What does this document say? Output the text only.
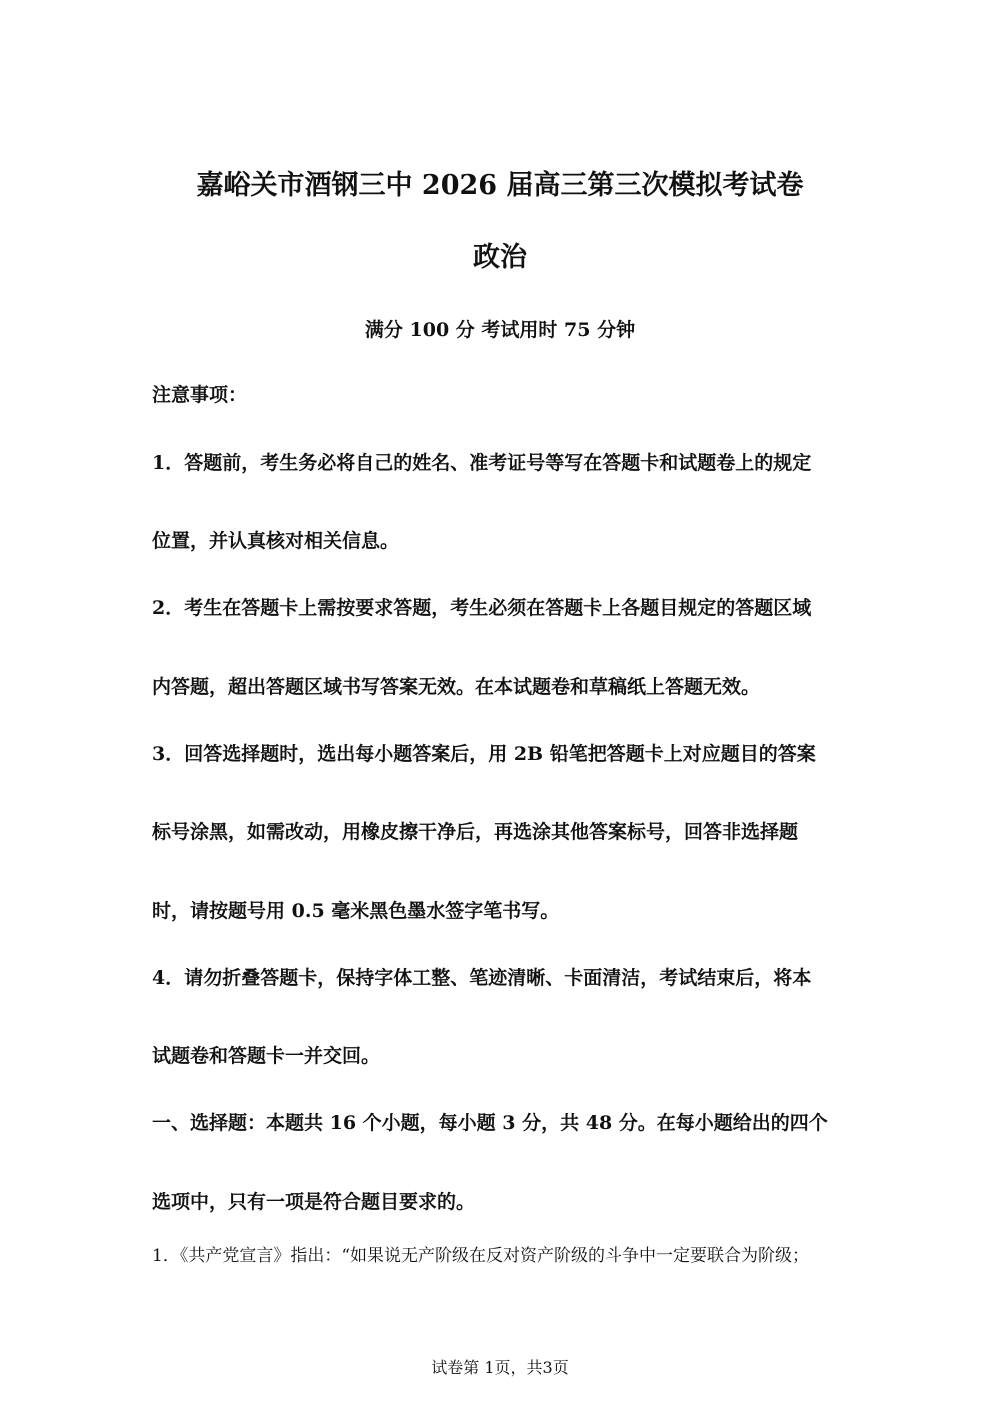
嘉峪关市酒钢三中 2026 届高三第三次模拟考试卷
政治
满分 100 分 考试用时 75 分钟
注意事项：
1．答题前，考生务必将自己的姓名、准考证号等写在答题卡和试题卷上的规定
位置，并认真核对相关信息。
2．考生在答题卡上需按要求答题，考生必须在答题卡上各题目规定的答题区域
内答题，超出答题区域书写答案无效。在本试题卷和草稿纸上答题无效。
3．回答选择题时，选出每小题答案后，用 2B 铅笔把答题卡上对应题目的答案
标号涂黑，如需改动，用橡皮擦干净后，再选涂其他答案标号，回答非选择题
时，请按题号用 0.5 毫米黑色墨水签字笔书写。
4．请勿折叠答题卡，保持字体工整、笔迹清晰、卡面清洁，考试结束后，将本
试题卷和答题卡一并交回。
一、选择题：本题共 16 个小题，每小题 3 分，共 48 分。在每小题给出的四个
选项中，只有一项是符合题目要求的。
1．《共产党宣言》指出：“如果说无产阶级在反对资产阶级的斗争中一定要联合为阶级；
试卷第 1页，共3页
